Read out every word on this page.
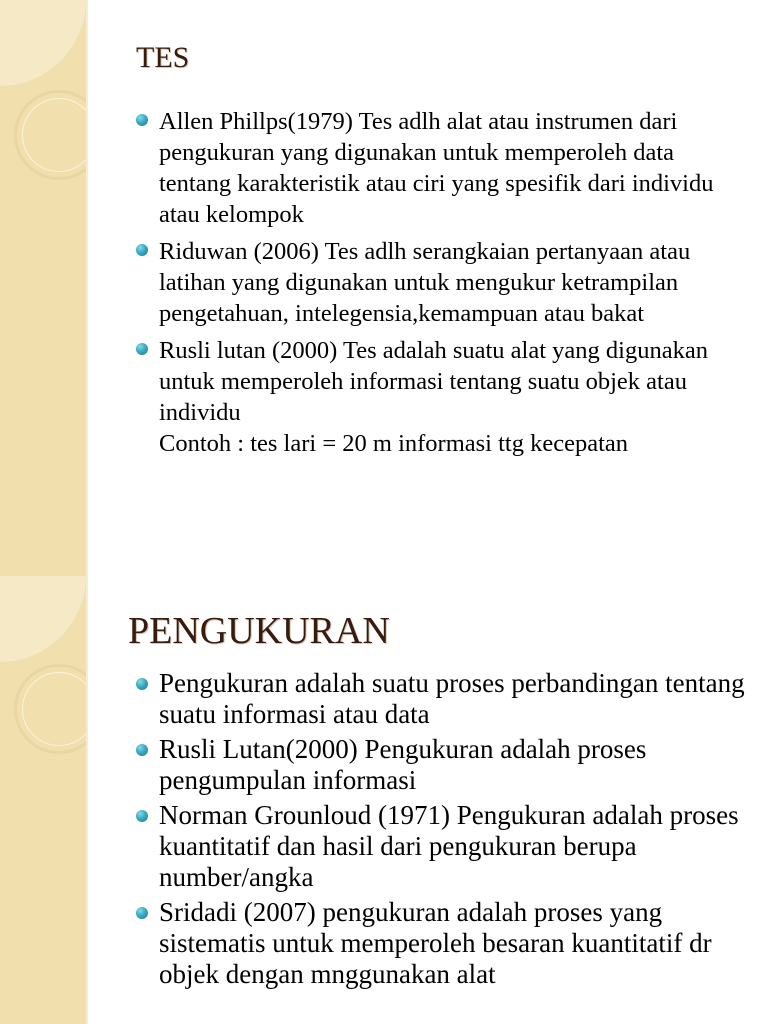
TES
Allen Phillps(1979) Tes adlh alat atau instrumen dari pengukuran yang digunakan untuk memperoleh data tentang karakteristik atau ciri yang spesifik dari individu atau kelompok
Riduwan (2006) Tes adlh serangkaian pertanyaan atau latihan yang digunakan untuk mengukur ketrampilan pengetahuan, intelegensia,kemampuan atau bakat
Rusli lutan (2000) Tes adalah suatu alat yang digunakan untuk memperoleh informasi tentang suatu objek atau individu
Contoh : tes lari = 20 m informasi ttg kecepatan
PENGUKURAN
Pengukuran adalah suatu proses perbandingan tentang suatu informasi atau data
Rusli Lutan(2000) Pengukuran adalah proses pengumpulan informasi
Norman Grounloud (1971) Pengukuran adalah proses kuantitatif dan hasil dari pengukuran berupa number/angka
Sridadi (2007) pengukuran adalah proses yang sistematis untuk memperoleh besaran kuantitatif dr objek dengan mnggunakan alat
